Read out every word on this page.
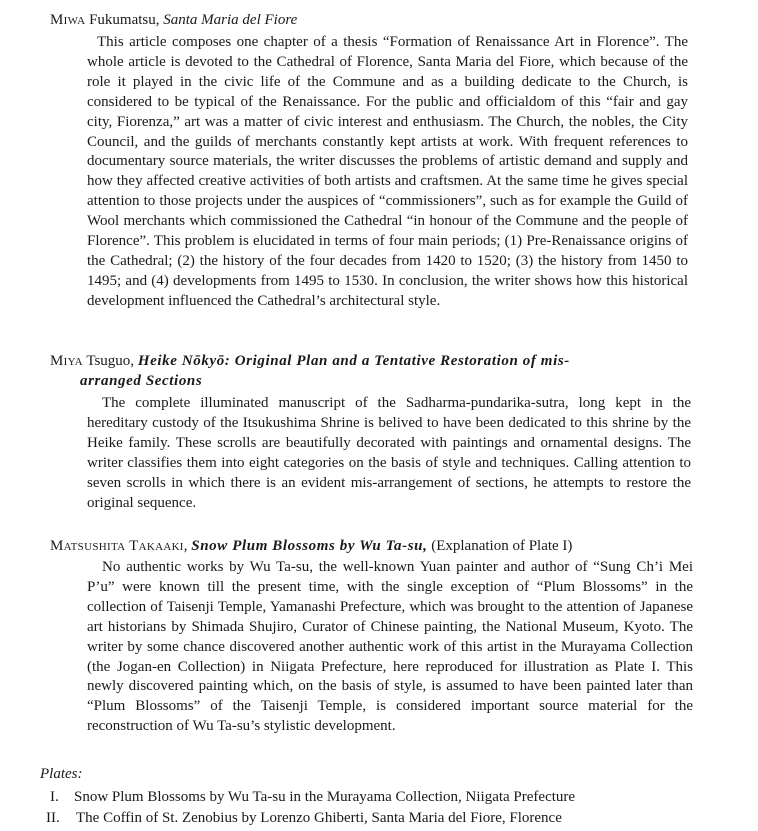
Miwa Fukumatsu, Santa Maria del Fiore
This article composes one chapter of a thesis “Formation of Renaissance Art in Florence”. The whole article is devoted to the Cathedral of Florence, Santa Maria del Fiore, which because of the role it played in the civic life of the Commune and as a building dedicate to the Church, is considered to be typical of the Renaissance. For the public and officialdom of this “fair and gay city, Fiorenza,” art was a matter of civic interest and enthusiasm. The Church, the nobles, the City Council, and the guilds of merchants constantly kept artists at work. With frequent references to documentary source materials, the writer discusses the problems of artistic demand and supply and how they affected creative activities of both artists and craftsmen. At the same time he gives special attention to those projects under the auspices of “commissioners”, such as for example the Guild of Wool merchants which commissioned the Cathedral “in honour of the Commune and the people of Florence”. This problem is elucidated in terms of four main periods; (1) Pre-Renaissance origins of the Cathedral; (2) the history of the four decades from 1420 to 1520; (3) the history from 1450 to 1495; and (4) developments from 1495 to 1530. In conclusion, the writer shows how this historical development influenced the Cathedral’s architectural style.
Miya Tsuguo, Heike Nōkyō: Original Plan and a Tentative Restoration of mis-
arranged Sections
The complete illuminated manuscript of the Sadharma-pundarika-sutra, long kept in the hereditary custody of the Itsukushima Shrine is belived to have been dedicated to this shrine by the Heike family. These scrolls are beautifully decorated with paintings and ornamental designs. The writer classifies them into eight categories on the basis of style and techniques. Calling attention to seven scrolls in which there is an evident mis-arrangement of sections, he attempts to restore the original sequence.
Matsushita Takaaki, Snow Plum Blossoms by Wu Ta-su, (Explanation of Plate I)
No authentic works by Wu Ta-su, the well-known Yuan painter and author of “Sung Ch’i Mei P’u” were known till the present time, with the single exception of “Plum Blossoms” in the collection of Taisenji Temple, Yamanashi Prefecture, which was brought to the attention of Japanese art historians by Shimada Shujiro, Curator of Chinese painting, the National Museum, Kyoto. The writer by some chance discovered another authentic work of this artist in the Murayama Collection (the Jogan-en Collection) in Niigata Prefecture, here reproduced for illustration as Plate I. This newly discovered painting which, on the basis of style, is assumed to have been painted later than “Plum Blossoms” of the Taisenji Temple, is considered important source material for the reconstruction of Wu Ta-su’s stylistic development.
Plates:
I. Snow Plum Blossoms by Wu Ta-su in the Murayama Collection, Niigata Prefecture
II. The Coffin of St. Zenobius by Lorenzo Ghiberti, Santa Maria del Fiore, Florence
